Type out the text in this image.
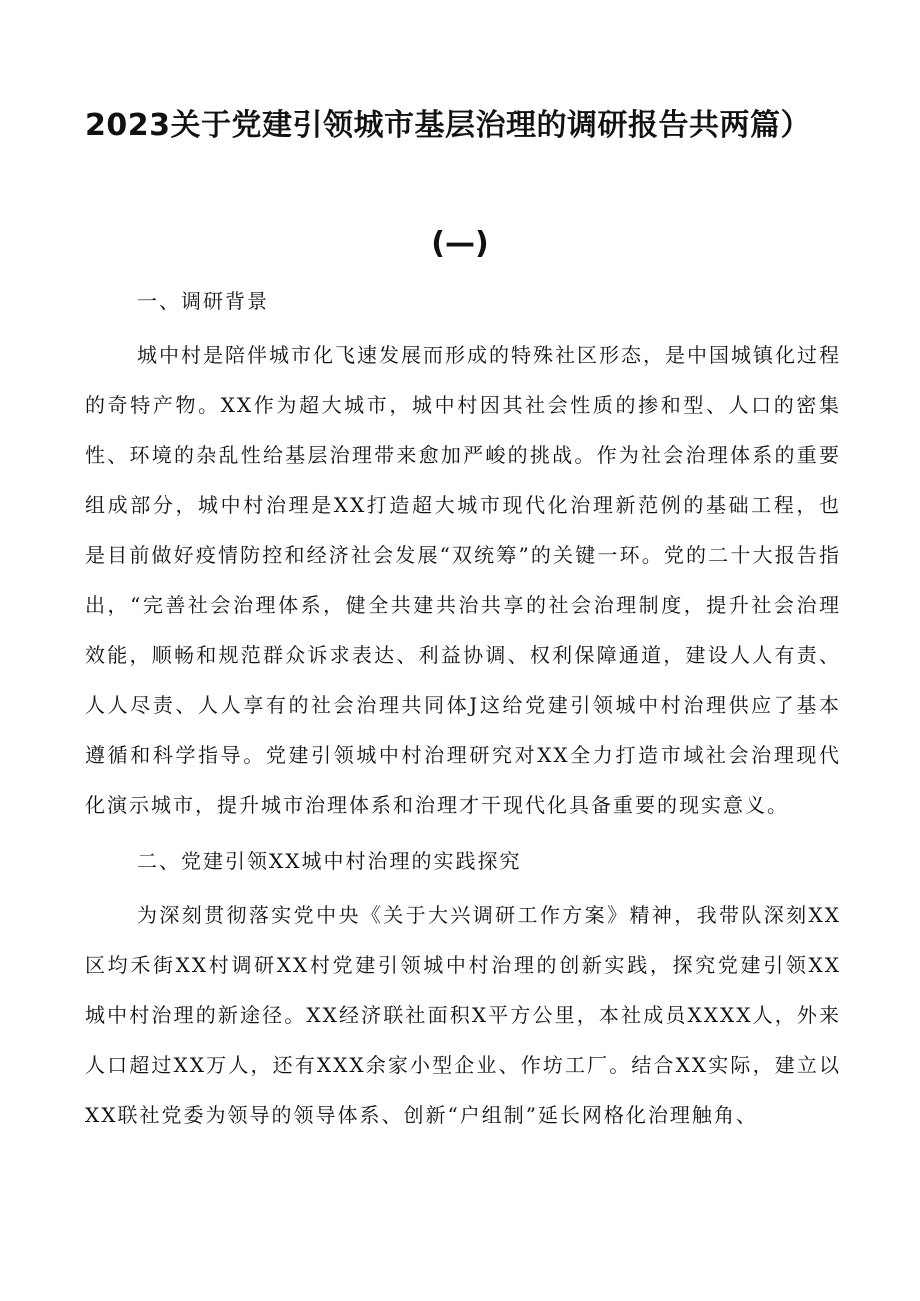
2023关于党建引领城市基层治理的调研报告共两篇）
(—)

一、调研背景

城中村是陪伴城市化飞速发展而形成的特殊社区形态，是中国城镇化过程的奇特产物。XX作为超大城市，城中村因其社会性质的掺和型、人口的密集性、环境的杂乱性给基层治理带来愈加严峻的挑战。作为社会治理体系的重要组成部分，城中村治理是XX打造超大城市现代化治理新范例的基础工程，也是目前做好疫情防控和经济社会发展“双统筹”的关键一环。党的二十大报告指出，“完善社会治理体系，健全共建共治共享的社会治理制度，提升社会治理效能，顺畅和规范群众诉求表达、利益协调、权利保障通道，建设人人有责、人人尽责、人人享有的社会治理共同体J这给党建引领城中村治理供应了基本遵循和科学指导。党建引领城中村治理研究对XX全力打造市域社会治理现代化演示城市，提升城市治理体系和治理才干现代化具备重要的现实意义。

二、党建引领XX城中村治理的实践探究

为深刻贯彻落实党中央《关于大兴调研工作方案》精神，我带队深刻XX区均禾街XX村调研XX村党建引领城中村治理的创新实践，探究党建引领XX城中村治理的新途径。XX经济联社面积X平方公里，本社成员XXXX人，外来人口超过XX万人，还有XXX余家小型企业、作坊工厂。结合XX实际，建立以XX联社党委为领导的领导体系、创新“户组制”延长网格化治理触角、
